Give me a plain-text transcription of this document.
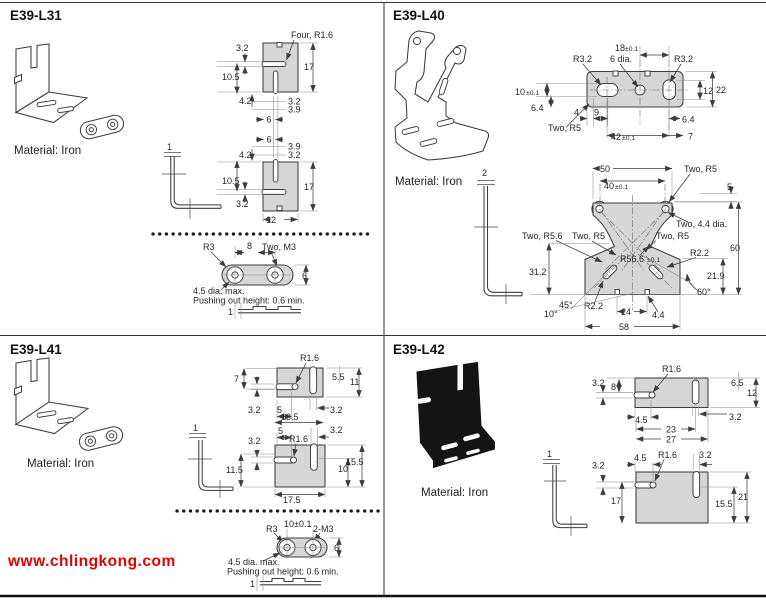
E39-L31
Material: Iron	1
Four, R1.6
3.2
10.5
4.2	3.2
3.9
6
17
6
3.9
3.2
4.2
10.5
3.2
17
12
R3	8 Two, M3
6
4.5 dia. max.
Pushing out height: 0.6 min.
1
E39-L40
Material: Iron
2
R3.2 6 dia.
18 ±0.1
R3.2
10 ±0.1
6.4	4 9
Two, R5
42 ±0.1
6.4
7
12 22
50
40 ±0.1
Two, R5
5
Two, 4.4 dia.
Two, R5.6 Two, R5	Two, R5
R56.6 ±0.1
R2.2
31.2	21.9
60
60°
45°
10°
R2.2
24 4.4
58
E39-L41
Material: Iron
1
R1.6
7	5.5 11
3.2 5	3.2
13.5
5
3.2
3.2
R1.6
11.5	10
15.5
17.5
R3 10±0.1 2-M3
6
4.5 dia. max.
Pushing out height: 0.6 min.
1
E39-L42
Material: Iron
1
R1.6
3.2 8	6.5
12
4.5	3.2
23
27
4.5 R1.6 3.2
3.2
17	15.5
21
www.chlingkong.com
